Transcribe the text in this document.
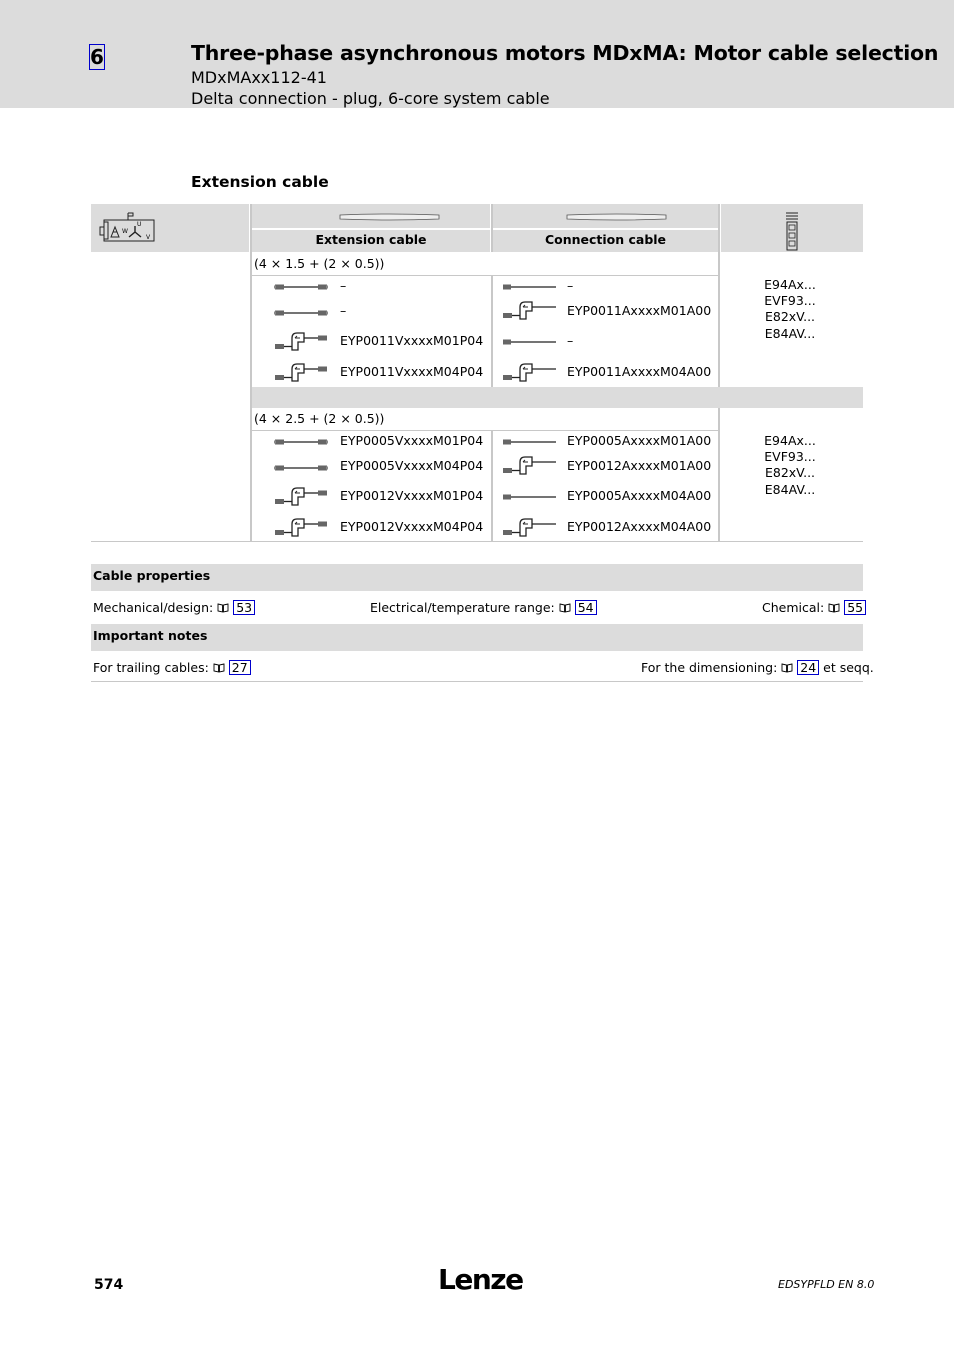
6	Three-phase asynchronous motors MDxMA: Motor cable selection
MDxMAxx112-41
Delta connection - plug, 6-core system cable
Extension cable
W
U
V	Extension cable	Connection cable
(4 × 1.5 + (2 × 0.5))
–	–
–	EYP0011AxxxxM01A00
EYP0011VxxxxM01P04	–
EYP0011VxxxxM04P04	EYP0011AxxxxM04A00
E94Ax...
EVF93...
E82xV...
E84AV...
(4 × 2.5 + (2 × 0.5))
EYP0005VxxxxM01P04	EYP0005AxxxxM01A00
EYP0005VxxxxM04P04	EYP0012AxxxxM01A00
EYP0012VxxxxM01P04	EYP0005AxxxxM04A00
EYP0012VxxxxM04P04	EYP0012AxxxxM04A00
E94Ax...
EVF93...
E82xV...
E84AV...
Cable properties
Mechanical/design: 53	Electrical/temperature range: 54	Chemical: 55
Important notes
For trailing cables: 27	For the dimensioning: 24 et seqq.
574	Lenze	EDSYPFLD EN 8.0
